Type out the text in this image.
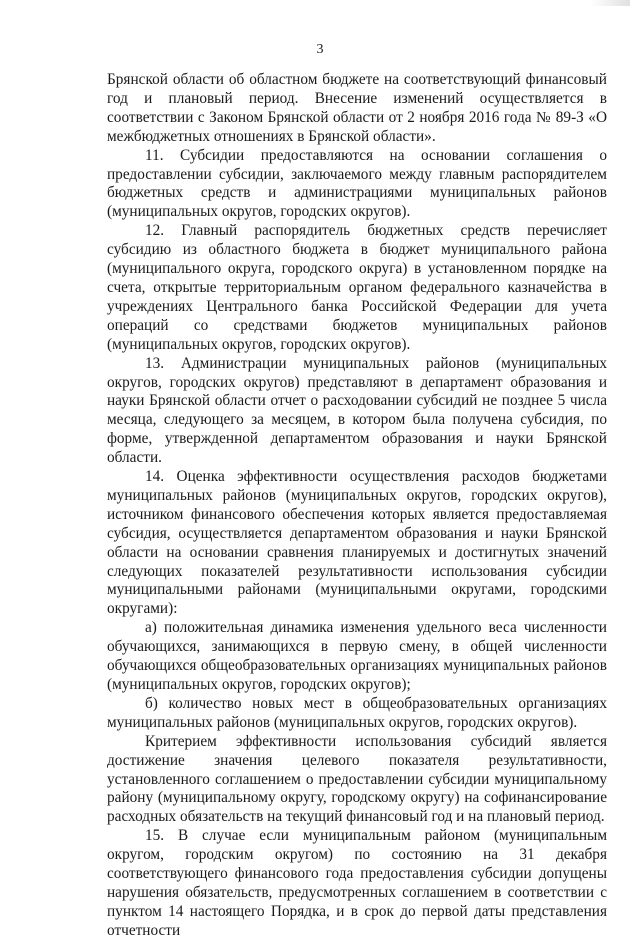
3

Брянской области об областном бюджете на соответствующий финансовый год и плановый период. Внесение изменений осуществляется в соответствии с Законом Брянской области от 2 ноября 2016 года № 89-З «О межбюджетных отношениях в Брянской области».

11. Субсидии предоставляются на основании соглашения о предоставлении субсидии, заключаемого между главным распорядителем бюджетных средств и администрациями муниципальных районов (муниципальных округов, городских округов).

12. Главный распорядитель бюджетных средств перечисляет субсидию из областного бюджета в бюджет муниципального района (муниципального округа, городского округа) в установленном порядке на счета, открытые территориальным органом федерального казначейства в учреждениях Центрального банка Российской Федерации для учета операций со средствами бюджетов муниципальных районов (муниципальных округов, городских округов).

13. Администрации муниципальных районов (муниципальных округов, городских округов) представляют в департамент образования и науки Брянской области отчет о расходовании субсидий не позднее 5 числа месяца, следующего за месяцем, в котором была получена субсидия, по форме, утвержденной департаментом образования и науки Брянской области.

14. Оценка эффективности осуществления расходов бюджетами муниципальных районов (муниципальных округов, городских округов), источником финансового обеспечения которых является предоставляемая субсидия, осуществляется департаментом образования и науки Брянской области на основании сравнения планируемых и достигнутых значений следующих показателей результативности использования субсидии муниципальными районами (муниципальными округами, городскими округами):

а) положительная динамика изменения удельного веса численности обучающихся, занимающихся в первую смену, в общей численности обучающихся общеобразовательных организациях муниципальных районов (муниципальных округов, городских округов);

б) количество новых мест в общеобразовательных организациях муниципальных районов (муниципальных округов, городских округов).

Критерием эффективности использования субсидий является достижение значения целевого показателя результативности, установленного соглашением о предоставлении субсидии муниципальному району (муниципальному округу, городскому округу) на софинансирование расходных обязательств на текущий финансовый год и на плановый период.

15. В случае если муниципальным районом (муниципальным округом, городским округом) по состоянию на 31 декабря соответствующего финансового года предоставления субсидии допущены нарушения обязательств, предусмотренных соглашением в соответствии с пунктом 14 настоящего Порядка, и в срок до первой даты представления отчетности
